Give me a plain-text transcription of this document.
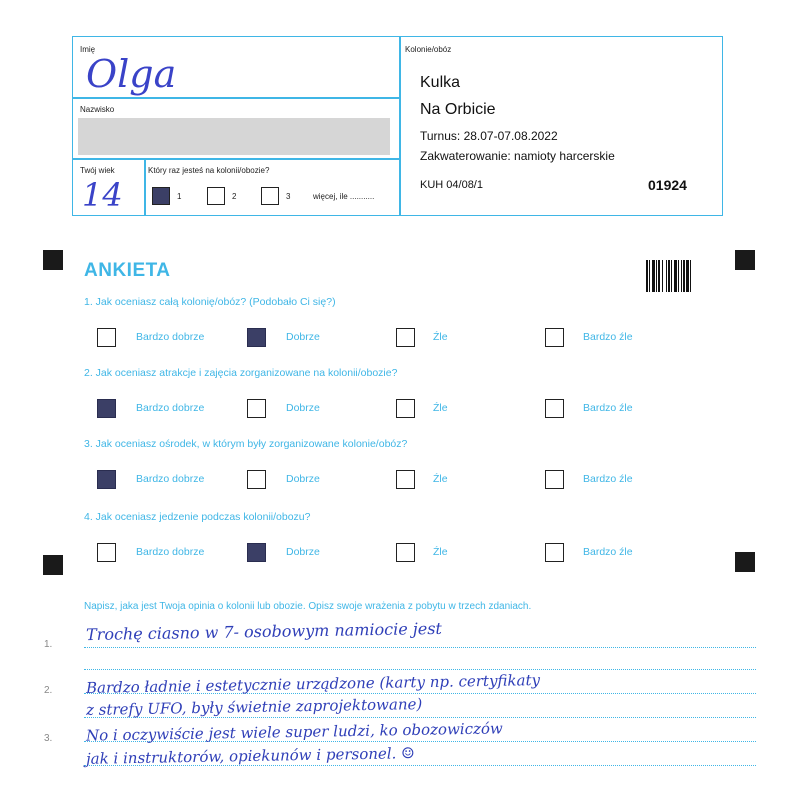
Imię
Olga
Nazwisko
Twój wiek
14
Który raz jesteś na kolonii/obozie?
1	2	3	więcej, ile ...........
Kolonie/obóz
Kulka
Na Orbicie
Turnus: 28.07-07.08.2022
Zakwaterowanie: namioty harcerskie
KUH 04/08/1	01924
ANKIETA
1. Jak oceniasz całą kolonię/obóz? (Podobało Ci się?)
Bardzo dobrze	Dobrze	Źle	Bardzo źle
2. Jak oceniasz atrakcje i zajęcia zorganizowane na kolonii/obozie?
Bardzo dobrze	Dobrze	Źle	Bardzo źle
3. Jak oceniasz ośrodek, w którym były zorganizowane kolonie/obóz?
Bardzo dobrze	Dobrze	Źle	Bardzo źle
4. Jak oceniasz jedzenie podczas kolonii/obozu?
Bardzo dobrze	Dobrze	Źle	Bardzo źle
Napisz, jaka jest Twoja opinia o kolonii lub obozie. Opisz swoje wrażenia z pobytu w trzech zdaniach.
1.
2.
3.
Trochę ciasno w 7- osobowym namiocie jest
Bardzo ładnie i estetycznie urządzone (karty np. certyfikaty
z strefy UFO, były świetnie zaprojektowane)
No i oczywiście jest wiele super ludzi, ko obozowiczów
jak i instruktorów, opiekunów i personel. ☺
